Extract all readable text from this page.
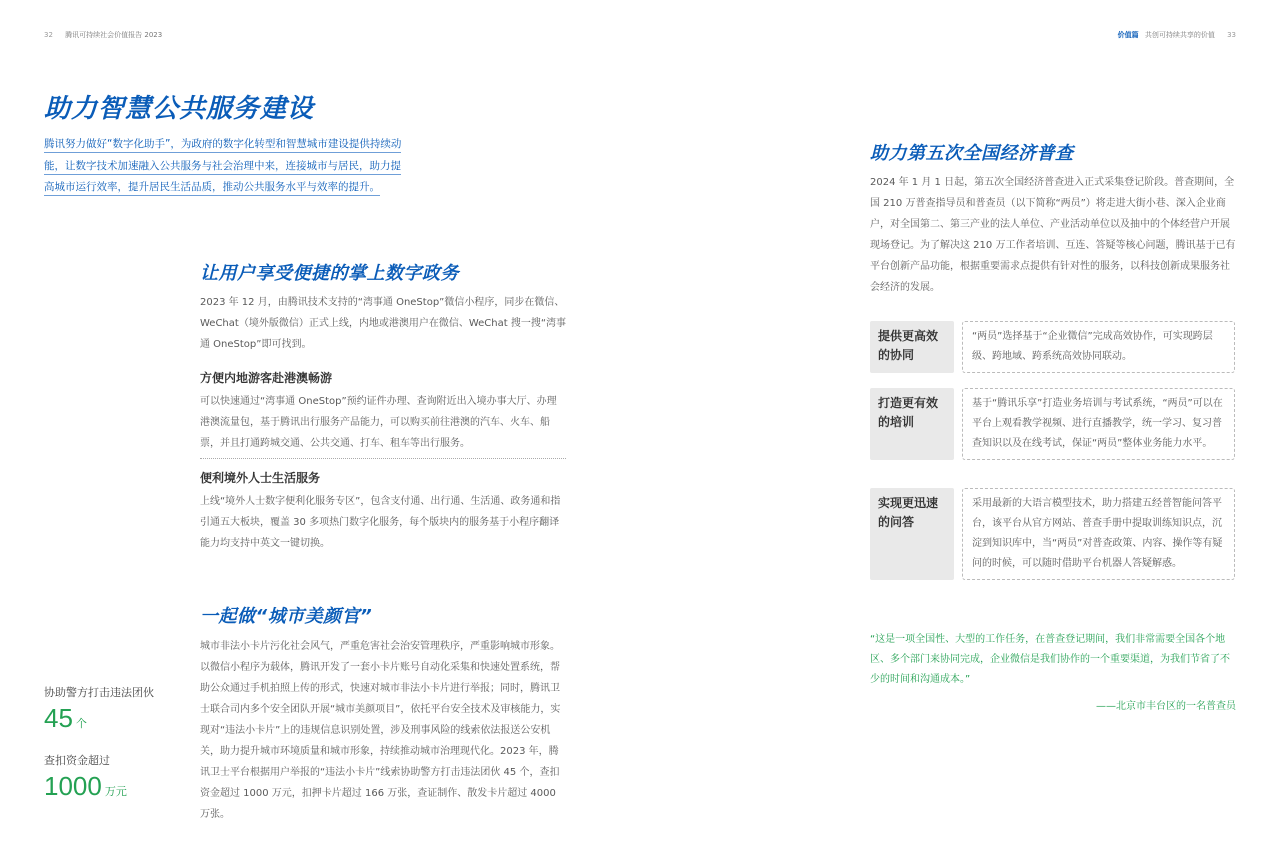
32 腾讯可持续社会价值报告 2023	价值篇 共创可持续共享的价值 33
助力智慧公共服务建设
腾讯努力做好“数字化助手”，为政府的数字化转型和智慧城市建设提供持续动
能，让数字技术加速融入公共服务与社会治理中来，连接城市与居民，助力提
高城市运行效率，提升居民生活品质，推动公共服务水平与效率的提升。
让用户享受便捷的掌上数字政务
2023 年 12 月，由腾讯技术支持的“湾事通 OneStop”微信小程序，同步在微信、WeChat（境外版微信）正式上线，内地或港澳用户在微信、WeChat 搜一搜“湾事通 OneStop”即可找到。
方便内地游客赴港澳畅游
可以快速通过“湾事通 OneStop”预约证件办理、查询附近出入境办事大厅、办理港澳流量包，基于腾讯出行服务产品能力，可以购买前往港澳的汽车、火车、船票，并且打通跨城交通、公共交通、打车、租车等出行服务。
便利境外人士生活服务
上线“境外人士数字便利化服务专区”，包含支付通、出行通、生活通、政务通和指引通五大板块，覆盖 30 多项热门数字化服务，每个版块内的服务基于小程序翻译能力均支持中英文一键切换。
一起做“城市美颜官”
城市非法小卡片污化社会风气，严重危害社会治安管理秩序，严重影响城市形象。以微信小程序为载体，腾讯开发了一套小卡片账号自动化采集和快速处置系统，帮助公众通过手机拍照上传的形式，快速对城市非法小卡片进行举报；同时，腾讯卫士联合司内多个安全团队开展“城市美颜项目”，依托平台安全技术及审核能力，实现对“违法小卡片”上的违规信息识别处置，涉及刑事风险的线索依法报送公安机关，助力提升城市环境质量和城市形象，持续推动城市治理现代化。2023 年，腾讯卫士平台根据用户举报的“违法小卡片”线索协助警方打击违法团伙 45 个，查扣资金超过 1000 万元，扣押卡片超过 166 万张，查证制作、散发卡片超过 4000 万张。
协助警方打击违法团伙
45 个
查扣资金超过
1000 万元
助力第五次全国经济普查
2024 年 1 月 1 日起，第五次全国经济普查进入正式采集登记阶段。普查期间，全国 210 万普查指导员和普查员（以下简称“两员”）将走进大街小巷、深入企业商户，对全国第二、第三产业的法人单位、产业活动单位以及抽中的个体经营户开展现场登记。为了解决这 210 万工作者培训、互连、答疑等核心问题，腾讯基于已有平台创新产品功能，根据重要需求点提供有针对性的服务，以科技创新成果服务社会经济的发展。
提供更高效的协同
“两员”选择基于“企业微信”完成高效协作，可实现跨层级、跨地域、跨系统高效协同联动。
打造更有效的培训
基于“腾讯乐享”打造业务培训与考试系统，“两员”可以在平台上观看教学视频、进行直播教学，统一学习、复习普查知识以及在线考试，保证“两员”整体业务能力水平。
实现更迅速的问答
采用最新的大语言模型技术，助力搭建五经普智能问答平台，该平台从官方网站、普查手册中提取训练知识点，沉淀到知识库中，当“两员”对普查政策、内容、操作等有疑问的时候，可以随时借助平台机器人答疑解惑。
“这是一项全国性、大型的工作任务，在普查登记期间，我们非常需要全国各个地区、多个部门来协同完成，企业微信是我们协作的一个重要渠道，为我们节省了不少的时间和沟通成本。”
——北京市丰台区的一名普查员
